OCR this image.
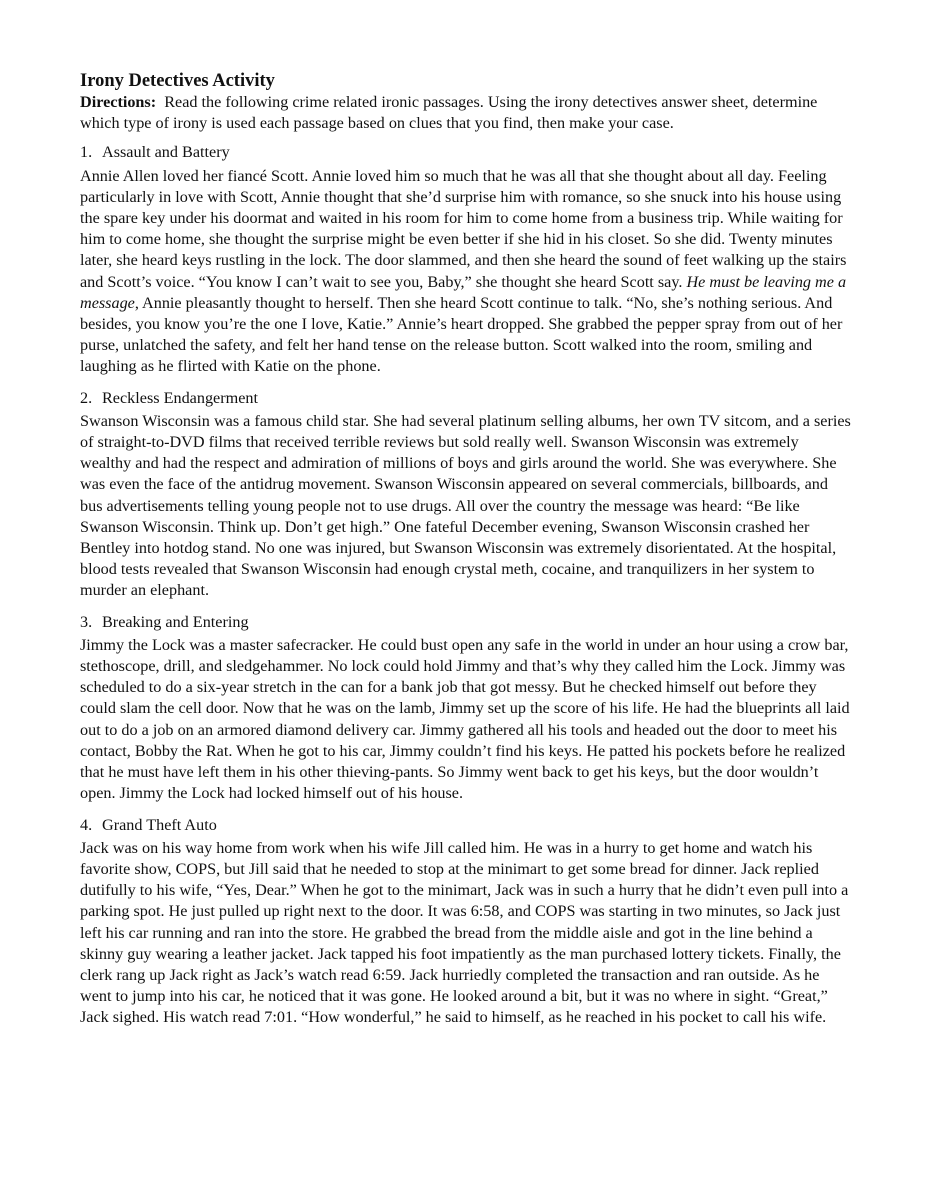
Irony Detectives Activity

Directions: Read the following crime related ironic passages. Using the irony detectives answer sheet, determine which type of irony is used each passage based on clues that you find, then make your case.

1. Assault and Battery

Annie Allen loved her fiancé Scott. Annie loved him so much that he was all that she thought about all day. Feeling particularly in love with Scott, Annie thought that she’d surprise him with romance, so she snuck into his house using the spare key under his doormat and waited in his room for him to come home from a business trip. While waiting for him to come home, she thought the surprise might be even better if she hid in his closet. So she did. Twenty minutes later, she heard keys rustling in the lock. The door slammed, and then she heard the sound of feet walking up the stairs and Scott’s voice. “You know I can’t wait to see you, Baby,” she thought she heard Scott say. He must be leaving me a message, Annie pleasantly thought to herself. Then she heard Scott continue to talk. “No, she’s nothing serious. And besides, you know you’re the one I love, Katie.” Annie’s heart dropped. She grabbed the pepper spray from out of her purse, unlatched the safety, and felt her hand tense on the release button. Scott walked into the room, smiling and laughing as he flirted with Katie on the phone.

2. Reckless Endangerment

Swanson Wisconsin was a famous child star. She had several platinum selling albums, her own TV sitcom, and a series of straight-to-DVD films that received terrible reviews but sold really well. Swanson Wisconsin was extremely wealthy and had the respect and admiration of millions of boys and girls around the world. She was everywhere. She was even the face of the antidrug movement. Swanson Wisconsin appeared on several commercials, billboards, and bus advertisements telling young people not to use drugs. All over the country the message was heard: “Be like Swanson Wisconsin. Think up. Don’t get high.” One fateful December evening, Swanson Wisconsin crashed her Bentley into hotdog stand. No one was injured, but Swanson Wisconsin was extremely disorientated. At the hospital, blood tests revealed that Swanson Wisconsin had enough crystal meth, cocaine, and tranquilizers in her system to murder an elephant.

3. Breaking and Entering

Jimmy the Lock was a master safecracker. He could bust open any safe in the world in under an hour using a crow bar, stethoscope, drill, and sledgehammer. No lock could hold Jimmy and that’s why they called him the Lock. Jimmy was scheduled to do a six-year stretch in the can for a bank job that got messy. But he checked himself out before they could slam the cell door. Now that he was on the lamb, Jimmy set up the score of his life. He had the blueprints all laid out to do a job on an armored diamond delivery car. Jimmy gathered all his tools and headed out the door to meet his contact, Bobby the Rat. When he got to his car, Jimmy couldn’t find his keys. He patted his pockets before he realized that he must have left them in his other thieving-pants. So Jimmy went back to get his keys, but the door wouldn’t open. Jimmy the Lock had locked himself out of his house.

4. Grand Theft Auto

Jack was on his way home from work when his wife Jill called him. He was in a hurry to get home and watch his favorite show, COPS, but Jill said that he needed to stop at the minimart to get some bread for dinner. Jack replied dutifully to his wife, “Yes, Dear.” When he got to the minimart, Jack was in such a hurry that he didn’t even pull into a parking spot. He just pulled up right next to the door. It was 6:58, and COPS was starting in two minutes, so Jack just left his car running and ran into the store. He grabbed the bread from the middle aisle and got in the line behind a skinny guy wearing a leather jacket. Jack tapped his foot impatiently as the man purchased lottery tickets. Finally, the clerk rang up Jack right as Jack’s watch read 6:59. Jack hurriedly completed the transaction and ran outside. As he went to jump into his car, he noticed that it was gone. He looked around a bit, but it was no where in sight. “Great,” Jack sighed. His watch read 7:01. “How wonderful,” he said to himself, as he reached in his pocket to call his wife.
